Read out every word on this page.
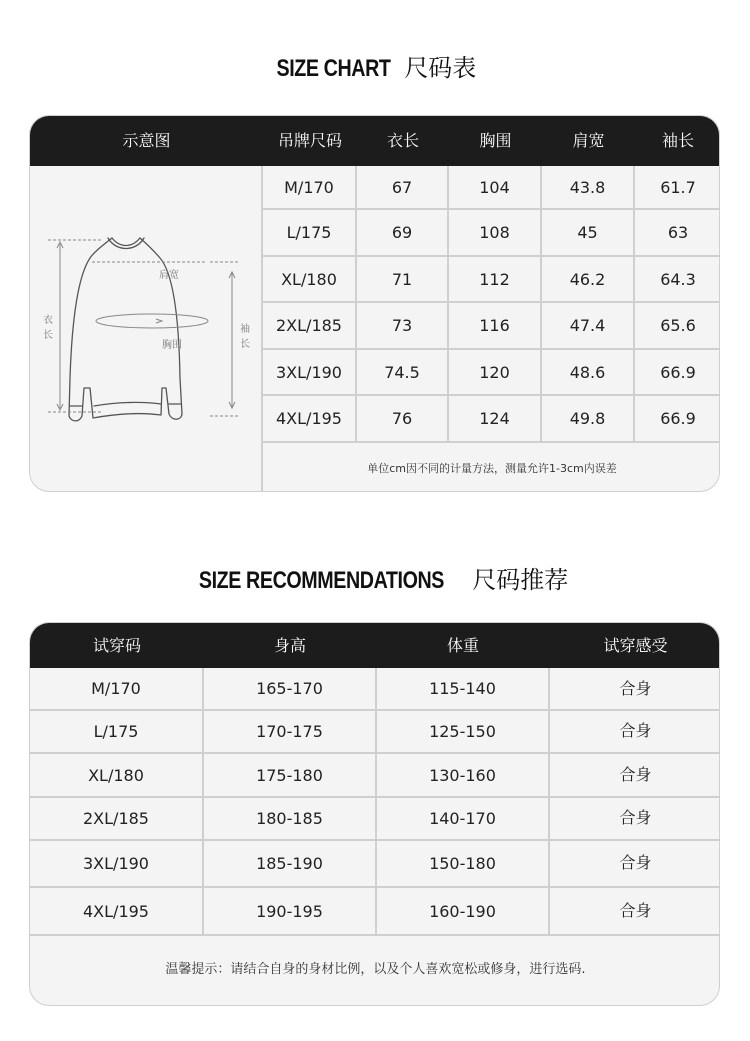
SIZE CHART 尺码表
示意图	吊牌尺码	衣长	胸围	肩宽	袖长
M/170	67	104	43.8	61.7
L/175	69	108	45	63
XL/180	71	112	46.2	64.3
2XL/185	73	116	47.4	65.6
3XL/190	74.5	120	48.6	66.9
4XL/195	76	124	49.8	66.9
单位cm因不同的计量方法，测量允许1-3cm内误差
肩宽
胸围
衣
长
袖
长
SIZE RECOMMENDATIONS 尺码推荐
试穿码	身高	体重	试穿感受
M/170	165-170	115-140	合身
L/175	170-175	125-150	合身
XL/180	175-180	130-160	合身
2XL/185	180-185	140-170	合身
3XL/190	185-190	150-180	合身
4XL/195	190-195	160-190	合身
温馨提示：请结合自身的身材比例，以及个人喜欢宽松或修身，进行选码.
